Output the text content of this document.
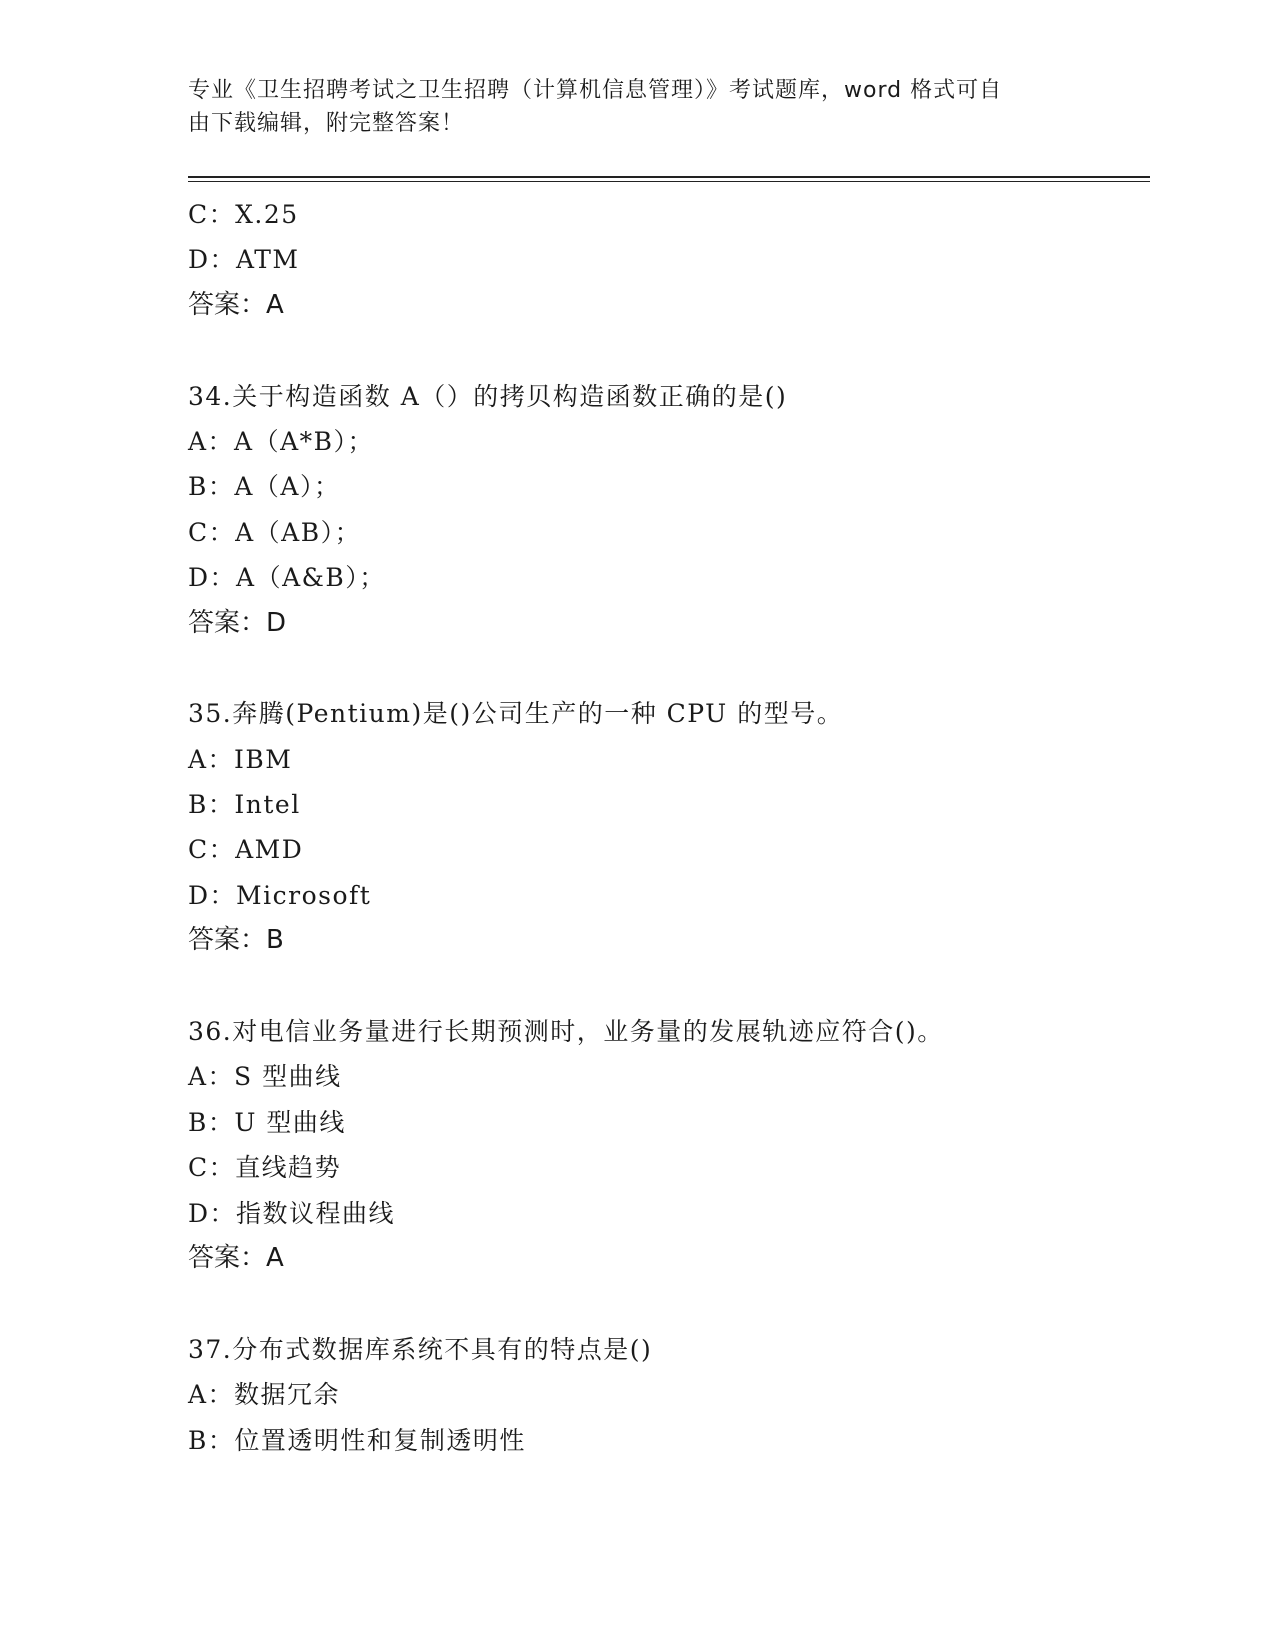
专业《卫生招聘考试之卫生招聘（计算机信息管理）》考试题库，word 格式可自
由下载编辑，附完整答案！
C：X.25
D：ATM
答案：A
34.关于构造函数 A（）的拷贝构造函数正确的是()
A：A（A*B）；
B：A（A）；
C：A（AB）；
D：A（A&B）；
答案：D
35.奔腾(Pentium)是()公司生产的一种 CPU 的型号。
A：IBM
B：Intel
C：AMD
D：Microsoft
答案：B
36.对电信业务量进行长期预测时，业务量的发展轨迹应符合()。
A：S 型曲线
B：U 型曲线
C：直线趋势
D：指数议程曲线
答案：A
37.分布式数据库系统不具有的特点是()
A：数据冗余
B：位置透明性和复制透明性
